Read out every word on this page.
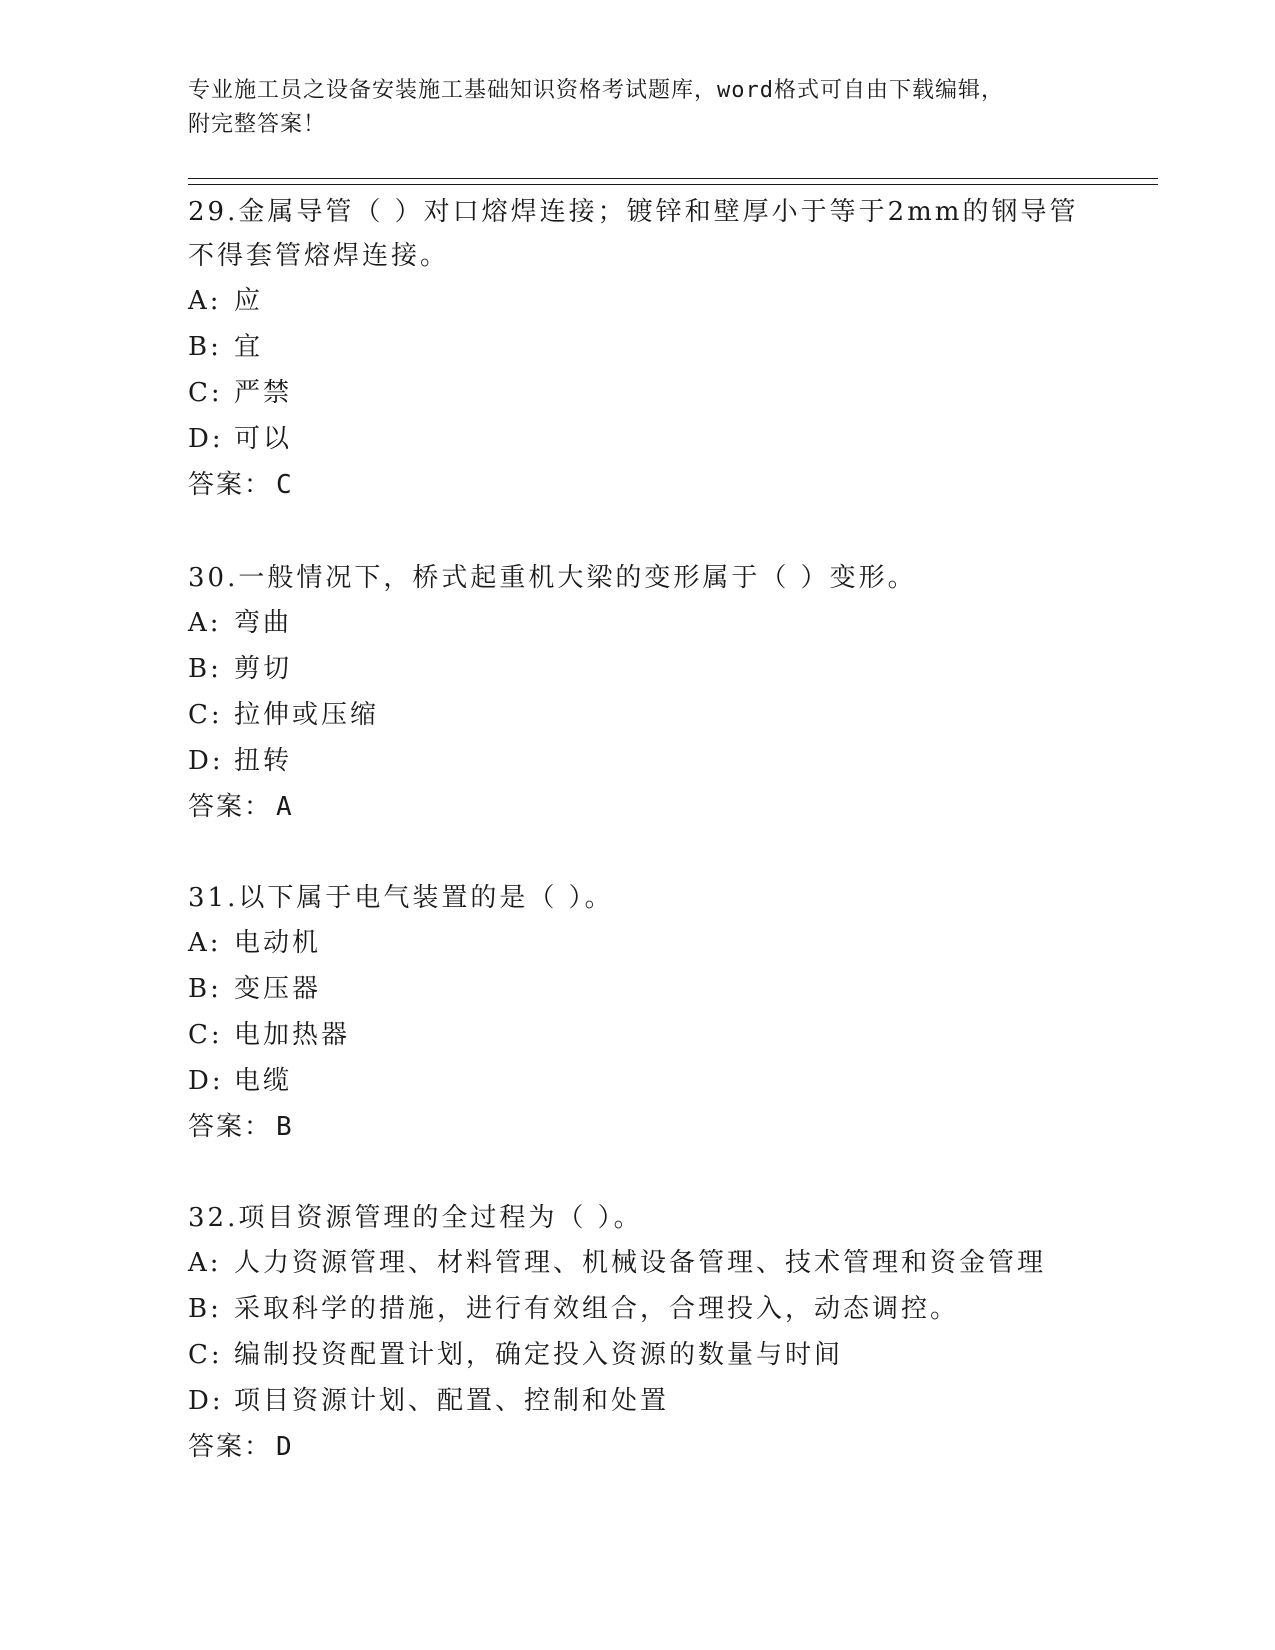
专业施工员之设备安装施工基础知识资格考试题库，word格式可自由下载编辑，
附完整答案！
29.金属导管（ ）对口熔焊连接；镀锌和壁厚小于等于2mm的钢导管
不得套管熔焊连接。
A: 应
B: 宜
C: 严禁
D: 可以
答案： C
30.一般情况下，桥式起重机大梁的变形属于（ ）变形。
A: 弯曲
B: 剪切
C: 拉伸或压缩
D: 扭转
答案： A
31.以下属于电气装置的是（ ）。
A: 电动机
B: 变压器
C: 电加热器
D: 电缆
答案： B
32.项目资源管理的全过程为（ ）。
A: 人力资源管理、材料管理、机械设备管理、技术管理和资金管理
B: 采取科学的措施，进行有效组合，合理投入，动态调控。
C: 编制投资配置计划，确定投入资源的数量与时间
D: 项目资源计划、配置、控制和处置
答案： D
